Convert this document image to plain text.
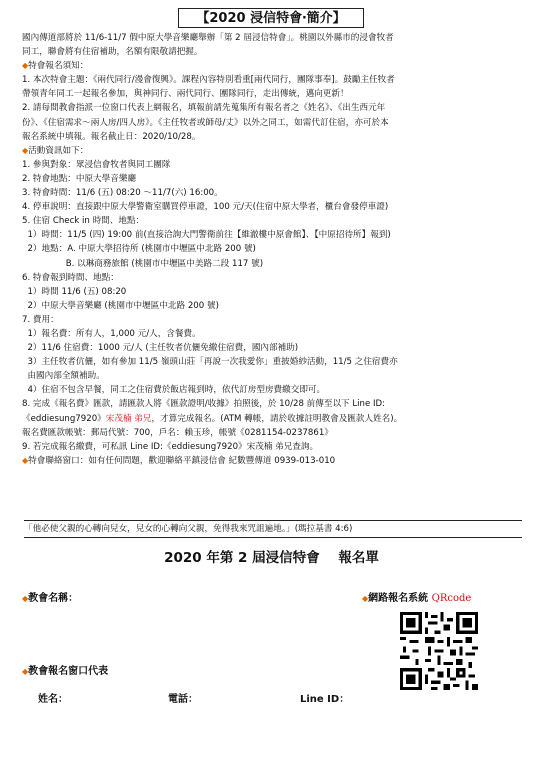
【2020 浸信特會‧簡介】
國內傳道部將於 11/6-11/7 假中原大學音樂廳舉辦「第 2 屆浸信特會」。桃園以外縣市的浸會牧者
同工，聯會將有住宿補助，名額有限敬請把握。
◆特會報名須知：
1. 本次特會主題：《兩代同行/漫會復興》。課程內容特別看重[兩代同行，團隊事奉]。鼓勵主任牧者
帶領青年同工一起報名參加，與神同行、兩代同行、團隊同行，走出傳統，邁向更新！
2. 請每間教會指派一位窗口代表上網報名，填報前請先蒐集所有報名者之《姓名》、《出生西元年
份》、《住宿需求～兩人房/四人房》。《主任牧者或師母/丈》以外之同工，如需代訂住宿，亦可於本
報名系統中填報。報名截止日：2020/10/28。
◆活動資訊如下：
1. 參與對象：眾浸信會牧者與同工團隊
2. 特會地點：中原大學音樂廳
3. 特會時間：11/6 (五) 08:20 ～11/7(六) 16:00。
4. 停車說明：直接跟中原大學警衛室購買停車證，100 元/天(住宿中原大學者，櫃台會發停車證)
5. 住宿 Check in 時間、地點：
1）時間：11/5 (四) 19:00 前(直接洽詢大門警衛前往【維澈樓中原會館】、【中原招待所】報到)
2）地點：A. 中原大學招待所 (桃園市中壢區中北路 200 號)
B. 以琳商務旅館 (桃園市中壢區中美路二段 117 號)
6. 特會報到時間、地點：
1）時間 11/6 (五) 08:20
2）中原大學音樂廳 (桃園市中壢區中北路 200 號)
7. 費用：
1）報名費：所有人，1,000 元/人，含餐費。
2）11/6 住宿費：1000 元/人 (主任牧者伉儷免繳住宿費，國內部補助)
3）主任牧者伉儷，如有參加 11/5 嶺頭山莊「再說一次我愛你」重披婚紗活動，11/5 之住宿費亦
由國內部全額補助。
4）住宿不包含早餐，同工之住宿費於飯店報到時，依代訂房型房費繳交即可。
8. 完成《報名費》匯款，請匯款人將《匯款證明/收據》拍照後，於 10/28 前傳至以下 Line ID:
《eddiesung7920》宋茂楠 弟兄，才算完成報名。(ATM 轉帳，請於收據註明教會及匯款人姓名)。
報名費匯款帳號：郵局代號：700，戶名：賴玉珍，帳號《0281154-0237861》
9. 若完成報名繳費，可私訊 Line ID:《eddiesung7920》宋茂楠 弟兄查詢。
◆特會聯絡窗口：如有任何問題，歡迎聯絡平鎮浸信會 紀數豐傳道 0939-013-010
「他必使父親的心轉向兒女，兒女的心轉向父親，免得我來咒詛遍地。」(瑪拉基書 4:6)
2020 年第 2 屆浸信特會    報名單
◆教會名稱：	◆網路報名系統 QRcode
◆教會報名窗口代表
姓名：	電話：	Line ID：
